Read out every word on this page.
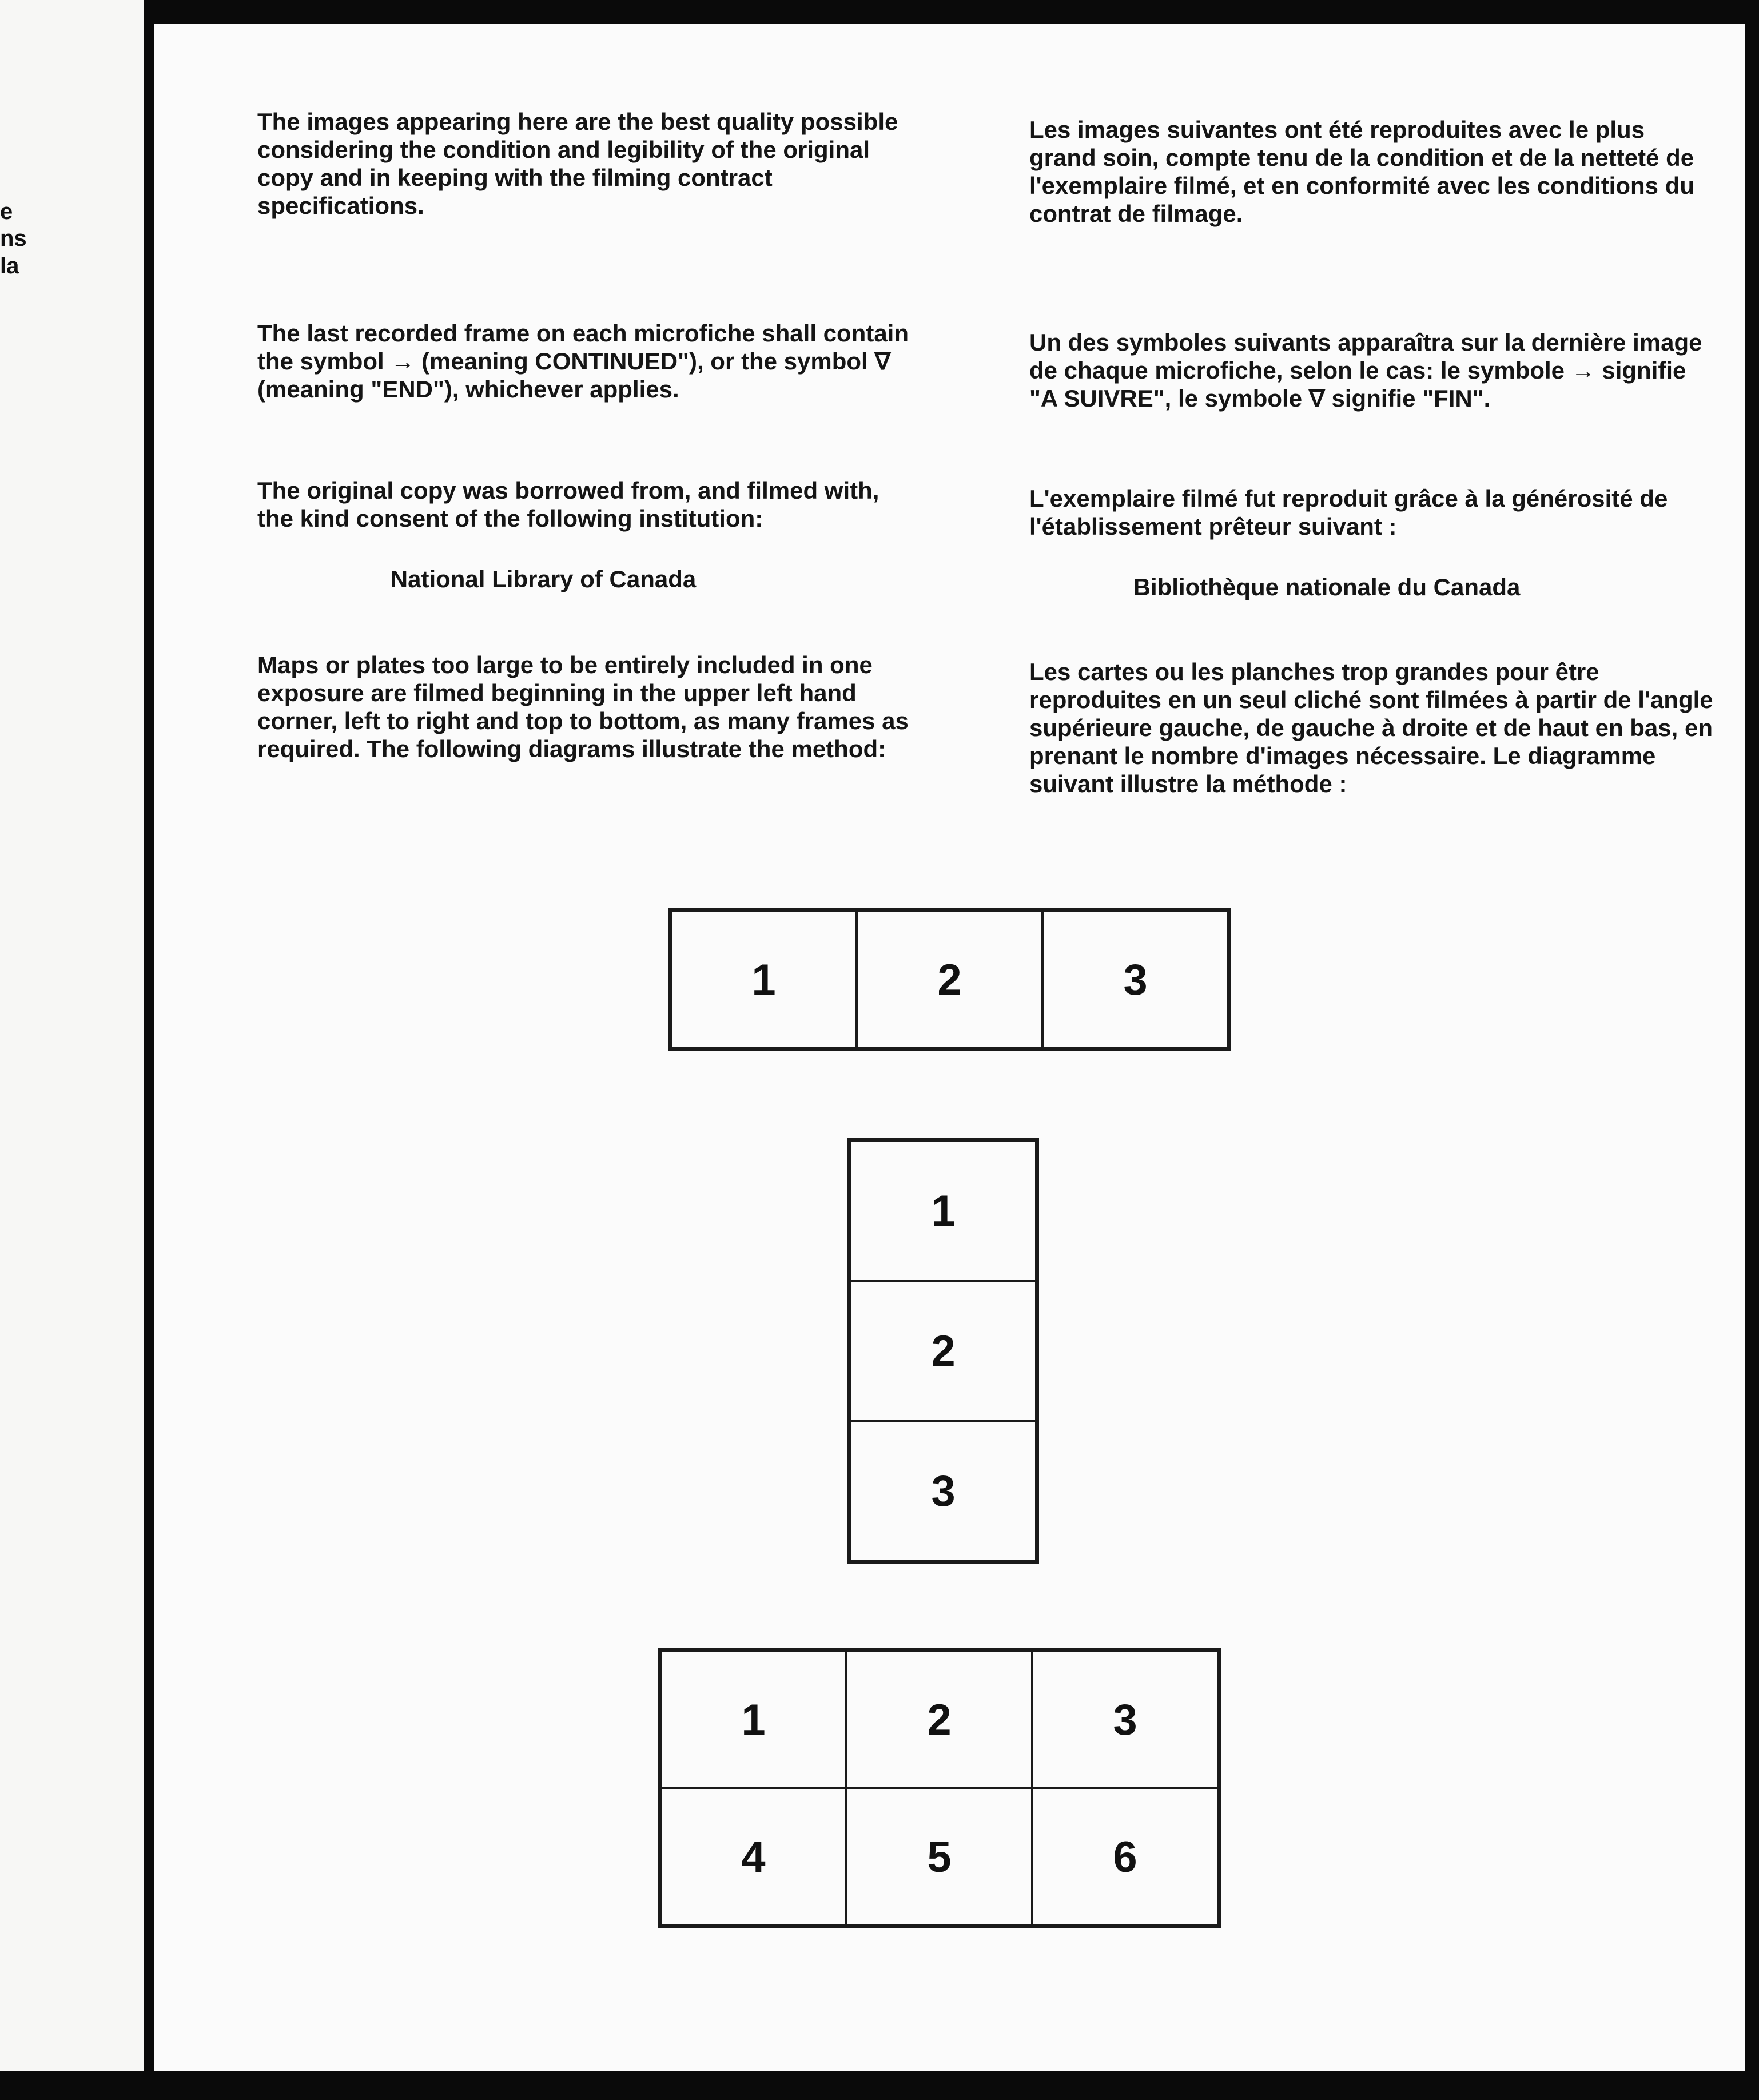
e
ns
la

The images appearing here are the best quality possible considering the condition and legibility of the original copy and in keeping with the filming contract specifications.

The last recorded frame on each microfiche shall contain the symbol → (meaning CONTINUED"), or the symbol ∇ (meaning "END"), whichever applies.

The original copy was borrowed from, and filmed with, the kind consent of the following institution:

National Library of Canada

Maps or plates too large to be entirely included in one exposure are filmed beginning in the upper left hand corner, left to right and top to bottom, as many frames as required. The following diagrams illustrate the method:

Les images suivantes ont été reproduites avec le plus grand soin, compte tenu de la condition et de la netteté de l'exemplaire filmé, et en conformité avec les conditions du contrat de filmage.

Un des symboles suivants apparaîtra sur la dernière image de chaque microfiche, selon le cas: le symbole → signifie "A SUIVRE", le symbole ∇ signifie "FIN".

L'exemplaire filmé fut reproduit grâce à la générosité de l'établissement prêteur suivant :

Bibliothèque nationale du Canada

Les cartes ou les planches trop grandes pour être reproduites en un seul cliché sont filmées à partir de l'angle supérieure gauche, de gauche à droite et de haut en bas, en prenant le nombre d'images nécessaire. Le diagramme suivant illustre la méthode :

1	2	3
1
2
3
1	2	3
4	5	6
